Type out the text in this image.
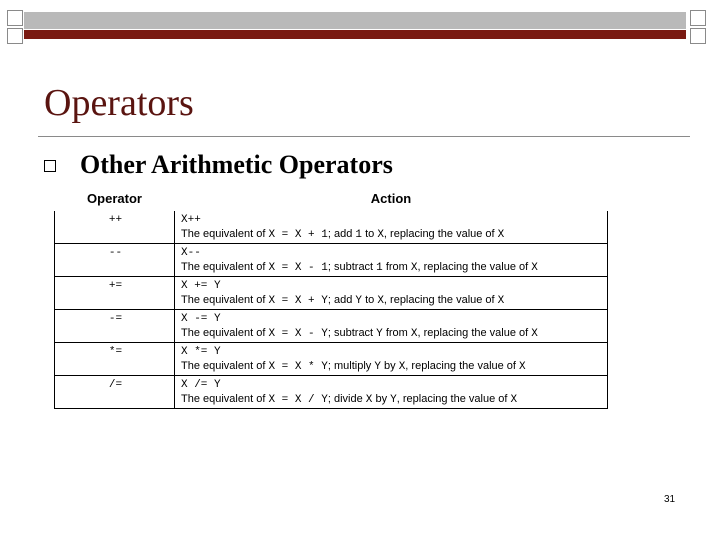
Operators
Other Arithmetic Operators
Operator	Action
++	X++
The equivalent of X = X + 1; add 1 to X, replacing the value of X

--	X--
The equivalent of X = X - 1; subtract 1 from X, replacing the value of X

+=	X += Y
The equivalent of X = X + Y; add Y to X, replacing the value of X

-=	X -= Y
The equivalent of X = X - Y; subtract Y from X, replacing the value of X

*=	X *= Y
The equivalent of X = X * Y; multiply Y by X, replacing the value of X

/=	X /= Y
The equivalent of X = X / Y; divide X by Y, replacing the value of X
31
